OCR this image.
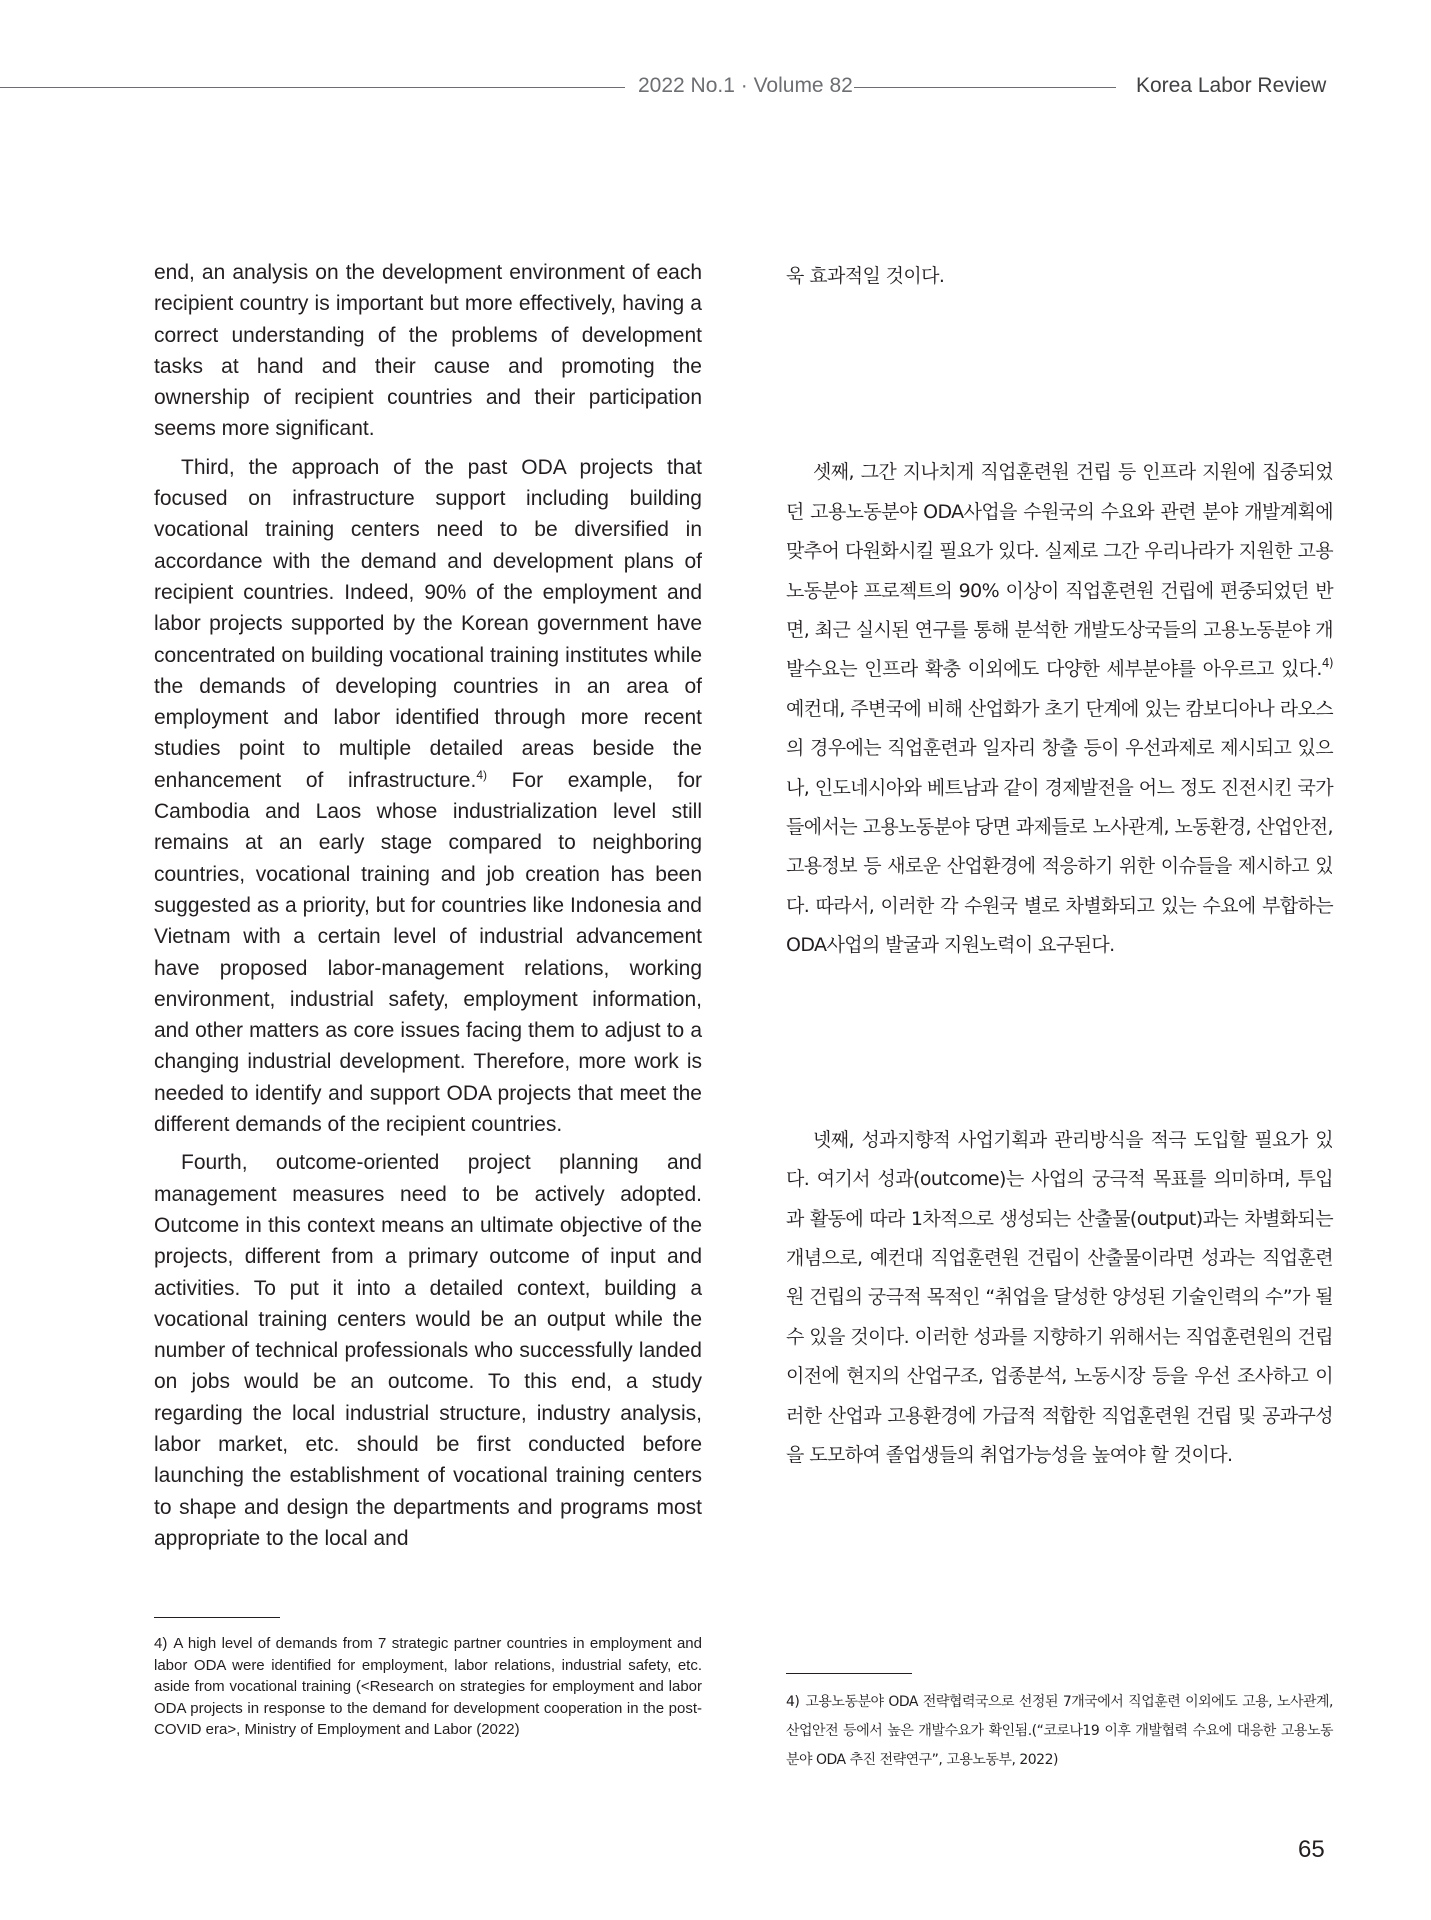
2022 No.1 · Volume 82	Korea Labor Review

end, an analysis on the development environment of each recipient country is important but more effectively, having a correct understanding of the problems of development tasks at hand and their cause and promoting the ownership of recipient countries and their participation seems more significant.

Third, the approach of the past ODA projects that focused on infrastructure support including building vocational training centers need to be diversified in accordance with the demand and development plans of recipient countries. Indeed, 90% of the employment and labor projects supported by the Korean government have concentrated on building vocational training institutes while the demands of developing countries in an area of employment and labor identified through more recent studies point to multiple detailed areas beside the enhancement of infrastructure.$^{4)}$ For example, for Cambodia and Laos whose industrialization level still remains at an early stage compared to neighboring countries, vocational training and job creation has been suggested as a priority, but for countries like Indonesia and Vietnam with a certain level of industrial advancement have proposed labor-management relations, working environment, industrial safety, employment information, and other matters as core issues facing them to adjust to a changing industrial development. Therefore, more work is needed to identify and support ODA projects that meet the different demands of the recipient countries.

Fourth, outcome-oriented project planning and management measures need to be actively adopted. Outcome in this context means an ultimate objective of the projects, different from a primary outcome of input and activities. To put it into a detailed context, building a vocational training centers would be an output while the number of technical professionals who successfully landed on jobs would be an outcome. To this end, a study regarding the local industrial structure, industry analysis, labor market, etc. should be first conducted before launching the establishment of vocational training centers to shape and design the departments and programs most appropriate to the local and

욱 효과적일 것이다.

셋째, 그간 지나치게 직업훈련원 건립 등 인프라 지원에 집중되었던 고용노동분야 ODA사업을 수원국의 수요와 관련 분야 개발계획에 맞추어 다원화시킬 필요가 있다. 실제로 그간 우리나라가 지원한 고용노동분야 프로젝트의 90% 이상이 직업훈련원 건립에 편중되었던 반면, 최근 실시된 연구를 통해 분석한 개발도상국들의 고용노동분야 개발수요는 인프라 확충 이외에도 다양한 세부분야를 아우르고 있다.$^{4)}$ 예컨대, 주변국에 비해 산업화가 초기 단계에 있는 캄보디아나 라오스의 경우에는 직업훈련과 일자리 창출 등이 우선과제로 제시되고 있으나, 인도네시아와 베트남과 같이 경제발전을 어느 정도 진전시킨 국가들에서는 고용노동분야 당면 과제들로 노사관계, 노동환경, 산업안전, 고용정보 등 새로운 산업환경에 적응하기 위한 이슈들을 제시하고 있다. 따라서, 이러한 각 수원국 별로 차별화되고 있는 수요에 부합하는 ODA사업의 발굴과 지원노력이 요구된다.

넷째, 성과지향적 사업기획과 관리방식을 적극 도입할 필요가 있다. 여기서 성과(outcome)는 사업의 궁극적 목표를 의미하며, 투입과 활동에 따라 1차적으로 생성되는 산출물(output)과는 차별화되는 개념으로, 예컨대 직업훈련원 건립이 산출물이라면 성과는 직업훈련원 건립의 궁극적 목적인 “취업을 달성한 양성된 기술인력의 수”가 될 수 있을 것이다. 이러한 성과를 지향하기 위해서는 직업훈련원의 건립 이전에 현지의 산업구조, 업종분석, 노동시장 등을 우선 조사하고 이러한 산업과 고용환경에 가급적 적합한 직업훈련원 건립 및 공과구성을 도모하여 졸업생들의 취업가능성을 높여야 할 것이다.

4) A high level of demands from 7 strategic partner countries in employment and labor ODA were identified for employment, labor relations, industrial safety, etc. aside from vocational training (<Research on strategies for employment and labor ODA projects in response to the demand for development cooperation in the post-COVID era>, Ministry of Employment and Labor (2022)
4) 고용노동분야 ODA 전략협력국으로 선정된 7개국에서 직업훈련 이외에도 고용, 노사관계, 산업안전 등에서 높은 개발수요가 확인됨.(“코로나19 이후 개발협력 수요에 대응한 고용노동분야 ODA 추진 전략연구”, 고용노동부, 2022)
65
